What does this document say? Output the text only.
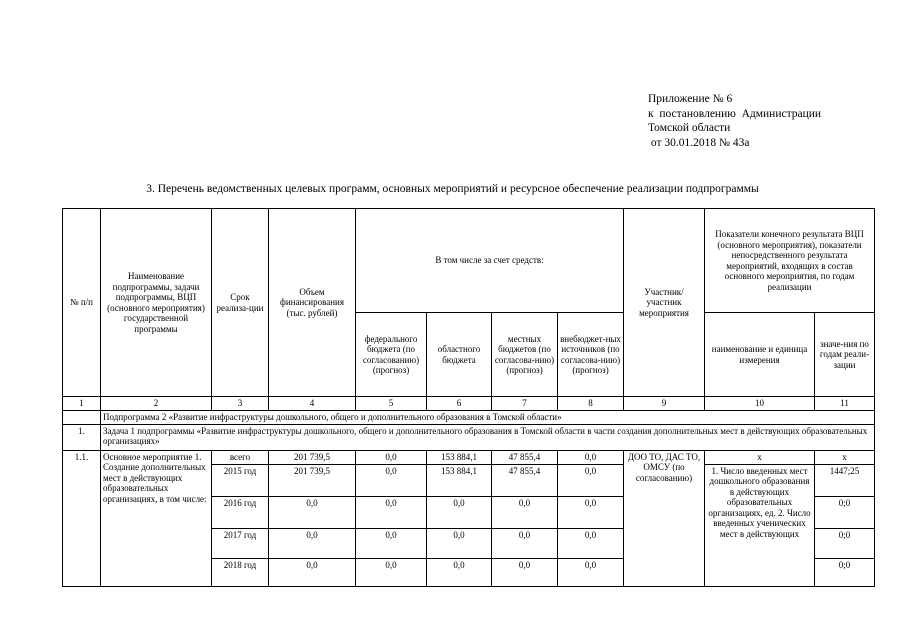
Приложение № 6
к  постановлению  Администрации
Томской области
от 30.01.2018 № 43а
3. Перечень ведомственных целевых программ, основных мероприятий и ресурсное обеспечение реализации подпрограммы
№ п/п	Наименование подпрограммы, задачи подпрограммы, ВЦП (основного мероприятия) государственной программы	Срок реализа-ции	Объем финансирования (тыс. рублей)	В том числе за счет средств:				Участник/ участник мероприятия	Показатели конечного результата ВЦП (основного мероприятия), показатели непосредственного результата мероприятий, входящих в состав основного мероприятия, по годам реализации	
				федерального бюджета (по согласованию) (прогноз)	областного бюджета	местных бюджетов (по согласова-нию) (прогноз)	внебюджет-ных источников (по согласова-нию) (прогноз)		наименование и единица измерения	значе-ния по годам реали-зации
1	2	3	4	5	6	7	8	9	10	11
	Подпрограмма 2 «Развитие инфраструктуры дошкольного, общего и дополнительного образования в Томской области»									
1.	Задача 1 подпрограммы «Развитие инфраструктуры дошкольного, общего и дополнительного образования в Томской области в части создания дополнительных мест в действующих образовательных организациях»									
1.1.	Основное мероприятие 1. Создание дополнительных мест в действующих образовательных организациях, в том числе:	всего	201 739,5	0,0	153 884,1	47 855,4	0,0	ДОО ТО, ДАС ТО, ОМСУ (по согласованию)	х	х
		2015 год	201 739,5	0,0	153 884,1	47 855,4	0,0		1. Число введенных мест дошкольного образования в действующих образовательных организациях, ед. 2. Число введенных ученических мест в действующих	1447;25
		2016 год	0,0	0,0	0,0	0,0	0,0			0;0
		2017 год	0,0	0,0	0,0	0,0	0,0			0;0
		2018 год	0,0	0,0	0,0	0,0	0,0			0;0
